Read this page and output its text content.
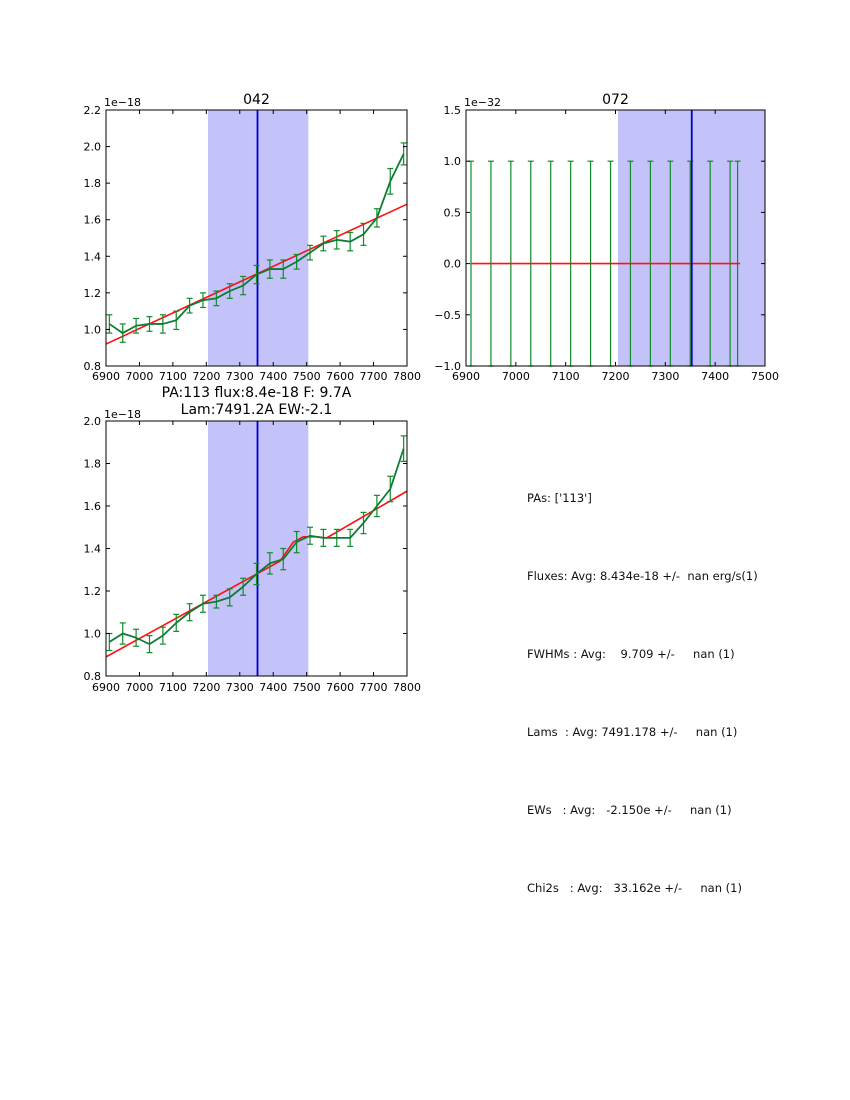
6900 7000 7100 7200 7300 7400 7500 7600 7700 7800
0.8
1.0
1.2
1.4
1.6
1.8
2.0
2.2
042
1e−18
6900 7000 7100 7200 7300 7400 7500
−1.0
−0.5
0.0
0.5
1.0
1.5
072
1e−32
6900 7000 7100 7200 7300 7400 7500 7600 7700 7800
0.8
1.0
1.2
1.4
1.6
1.8
2.0
PA:113 flux:8.4e-18 F: 9.7A
Lam:7491.2A EW:-2.1
1e−18

PAs: ['113']

Fluxes: Avg: 8.434e-18 +/-  nan erg/s(1)

FWHMs : Avg:    9.709 +/-     nan (1)

Lams  : Avg: 7491.178 +/-     nan (1)

EWs   : Avg:   -2.150e +/-     nan (1)

Chi2s   : Avg:   33.162e +/-     nan (1)
